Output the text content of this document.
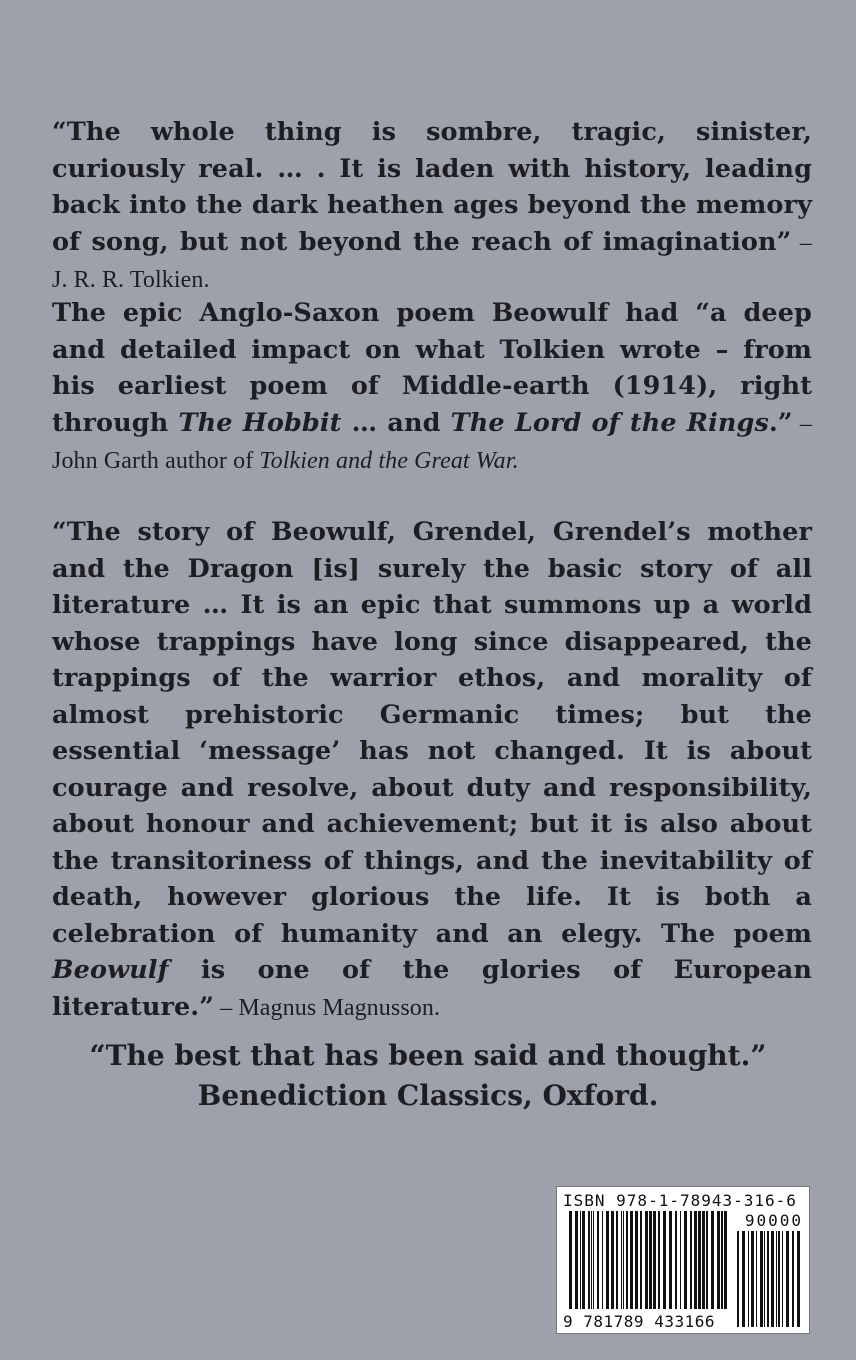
“The whole thing is sombre, tragic, sinister, curiously real. … . It is laden with history, leading back into the dark heathen ages beyond the memory of song, but not beyond the reach of imagination” – J. R. R. Tolkien.
The epic Anglo-Saxon poem Beowulf had “a deep and detailed impact on what Tolkien wrote – from his earliest poem of Middle-earth (1914), right through The Hobbit … and The Lord of the Rings.” – John Garth author of Tolkien and the Great War.
“The story of Beowulf, Grendel, Grendel’s mother and the Dragon [is] surely the basic story of all literature … It is an epic that summons up a world whose trappings have long since disappeared, the trappings of the warrior ethos, and morality of almost prehistoric Germanic times; but the essential ‘message’ has not changed. It is about courage and resolve, about duty and responsibility, about honour and achievement; but it is also about the transitoriness of things, and the inevitability of death, however glorious the life. It is both a celebration of humanity and an elegy. The poem Beowulf is one of the glories of European literature.” – Magnus Magnusson.
“The best that has been said and thought.”
Benediction Classics, Oxford.
ISBN 978-1-78943-316-6
90000
9 781789 433166
